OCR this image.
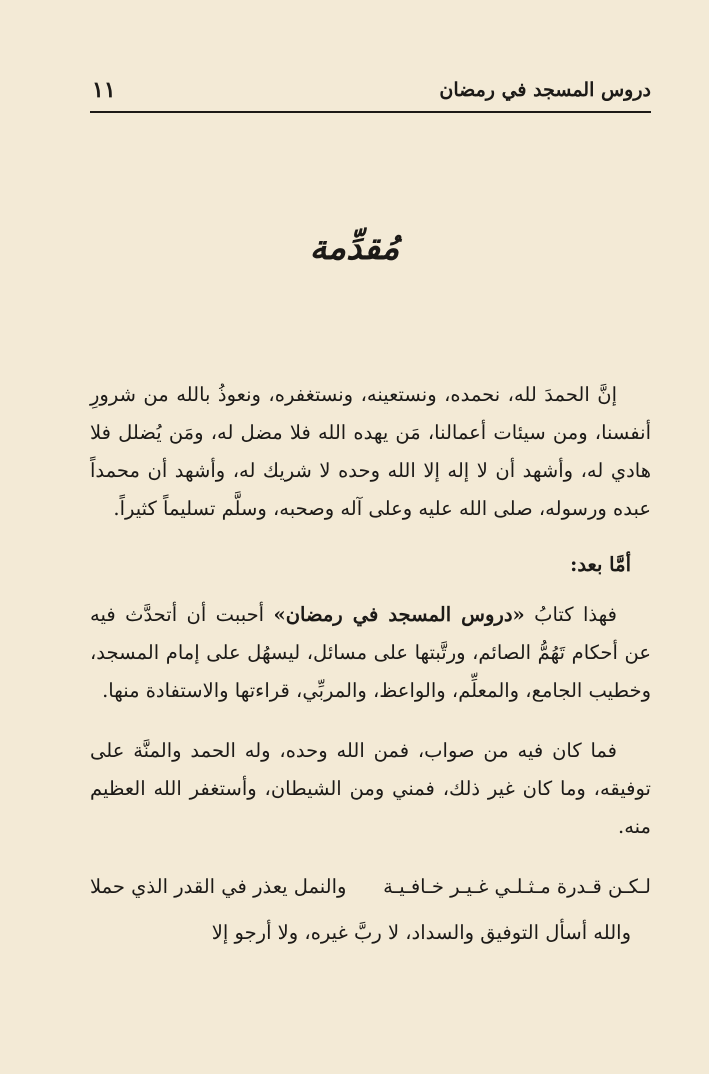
دروس المسجد في رمضان
١١
مُقدِّمة

إنَّ الحمدَ لله، نحمده، ونستعينه، ونستغفره، ونعوذُ بالله من شرورِ أنفسنا، ومن سيئات أعمالنا، مَن يهده الله فلا مضل له، ومَن يُضلل فلا هادي له، وأشهد أن لا إله إلا الله وحده لا شريك له، وأشهد أن محمداً عبده ورسوله، صلى الله عليه وعلى آله وصحبه، وسلَّم تسليماً كثيراً.

أمَّا بعد:

فهذا كتابُ «دروس المسجد في رمضان» أحببت أن أتحدَّث فيه عن أحكام تَهُمُّ الصائم، ورتَّبتها على مسائل، ليسهُل على إمام المسجد، وخطيب الجامع، والمعلِّم، والواعظ، والمربِّي، قراءتها والاستفادة منها.

فما كان فيه من صواب، فمن الله وحده، وله الحمد والمنَّة على توفيقه، وما كان غير ذلك، فمني ومن الشيطان، وأستغفر الله العظيم منه.

لـكـن قـدرة مـثـلـي غـيـر خـافـيـة
والنمل يعذر في القدر الذي حملا

والله أسأل التوفيق والسداد، لا ربَّ غيره، ولا أرجو إلا
